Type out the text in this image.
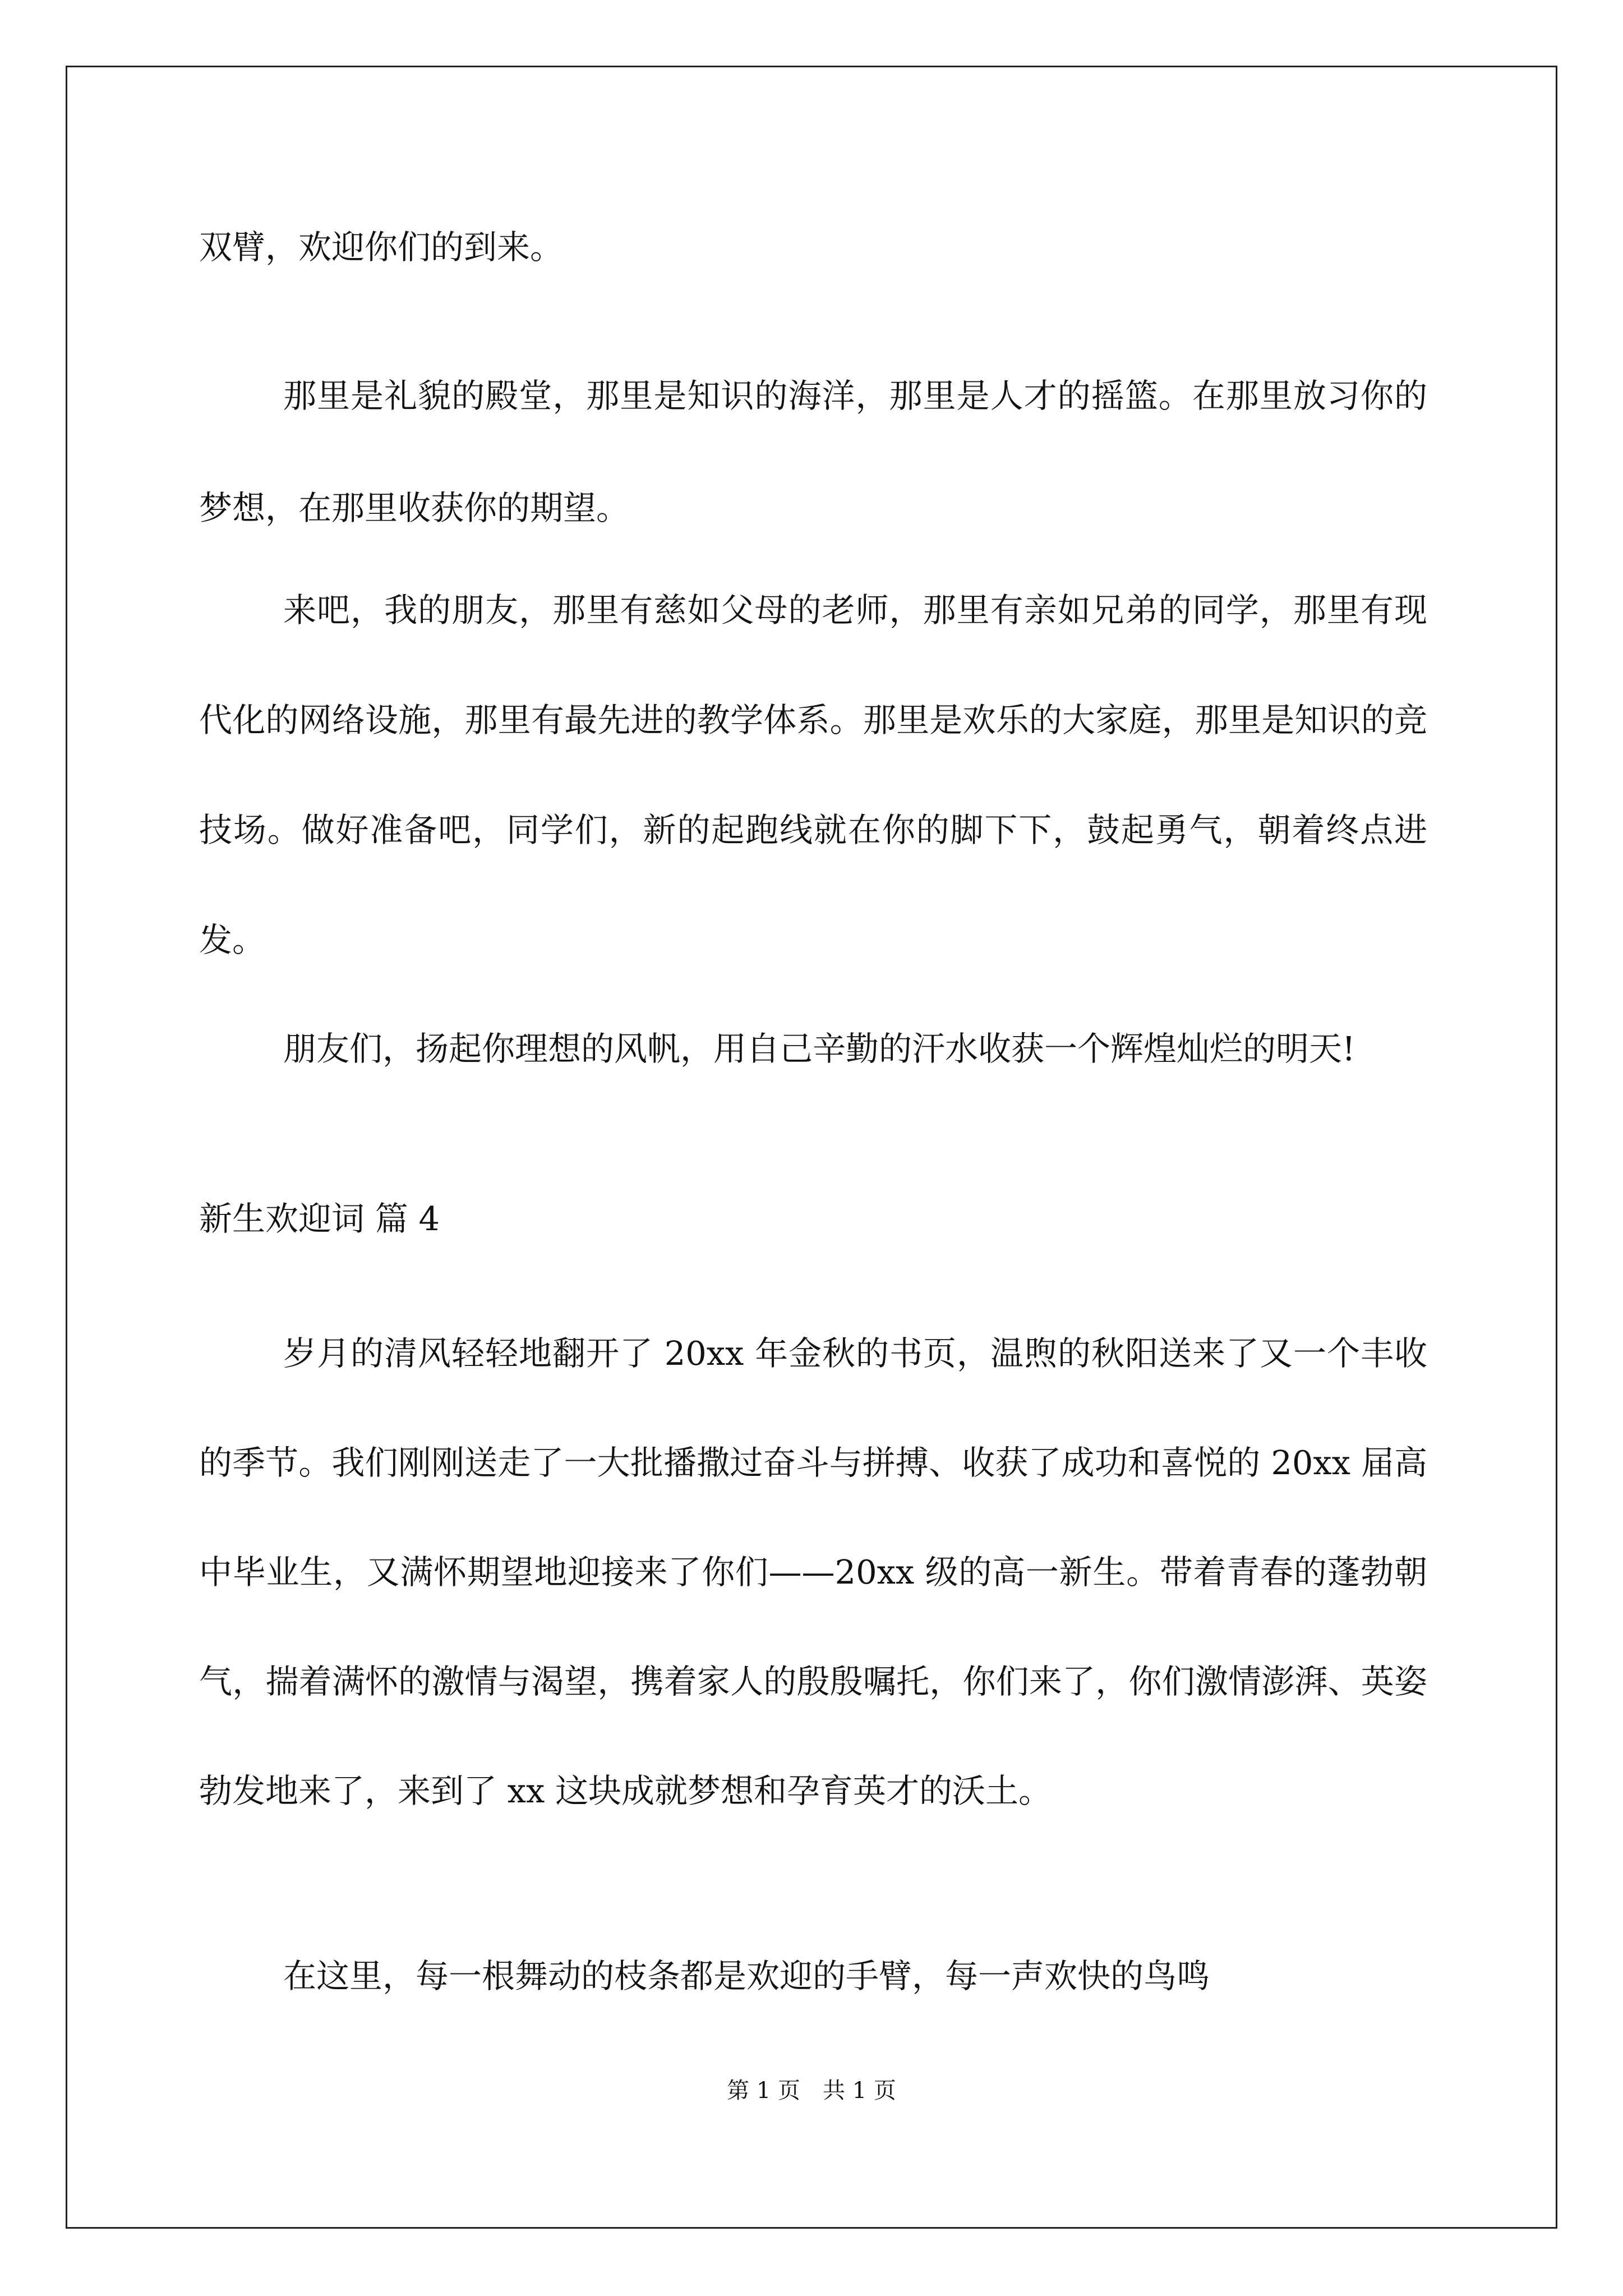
双臂，欢迎你们的到来。
那里是礼貌的殿堂，那里是知识的海洋，那里是人才的摇篮。在那里放习你的梦想，在那里收获你的期望。
来吧，我的朋友，那里有慈如父母的老师，那里有亲如兄弟的同学，那里有现代化的网络设施，那里有最先进的教学体系。那里是欢乐的大家庭，那里是知识的竞技场。做好准备吧，同学们，新的起跑线就在你的脚下下，鼓起勇气，朝着终点进发。
朋友们，扬起你理想的风帆，用自己辛勤的汗水收获一个辉煌灿烂的明天!
新生欢迎词 篇 4
岁月的清风轻轻地翻开了 20xx 年金秋的书页，温煦的秋阳送来了又一个丰收的季节。我们刚刚送走了一大批播撒过奋斗与拼搏、收获了成功和喜悦的 20xx 届高中毕业生，又满怀期望地迎接来了你们——20xx 级的高一新生。带着青春的蓬勃朝气，揣着满怀的激情与渴望，携着家人的殷殷嘱托，你们来了，你们激情澎湃、英姿勃发地来了，来到了 xx 这块成就梦想和孕育英才的沃土。
在这里，每一根舞动的枝条都是欢迎的手臂，每一声欢快的鸟鸣
第 1 页　共 1 页
